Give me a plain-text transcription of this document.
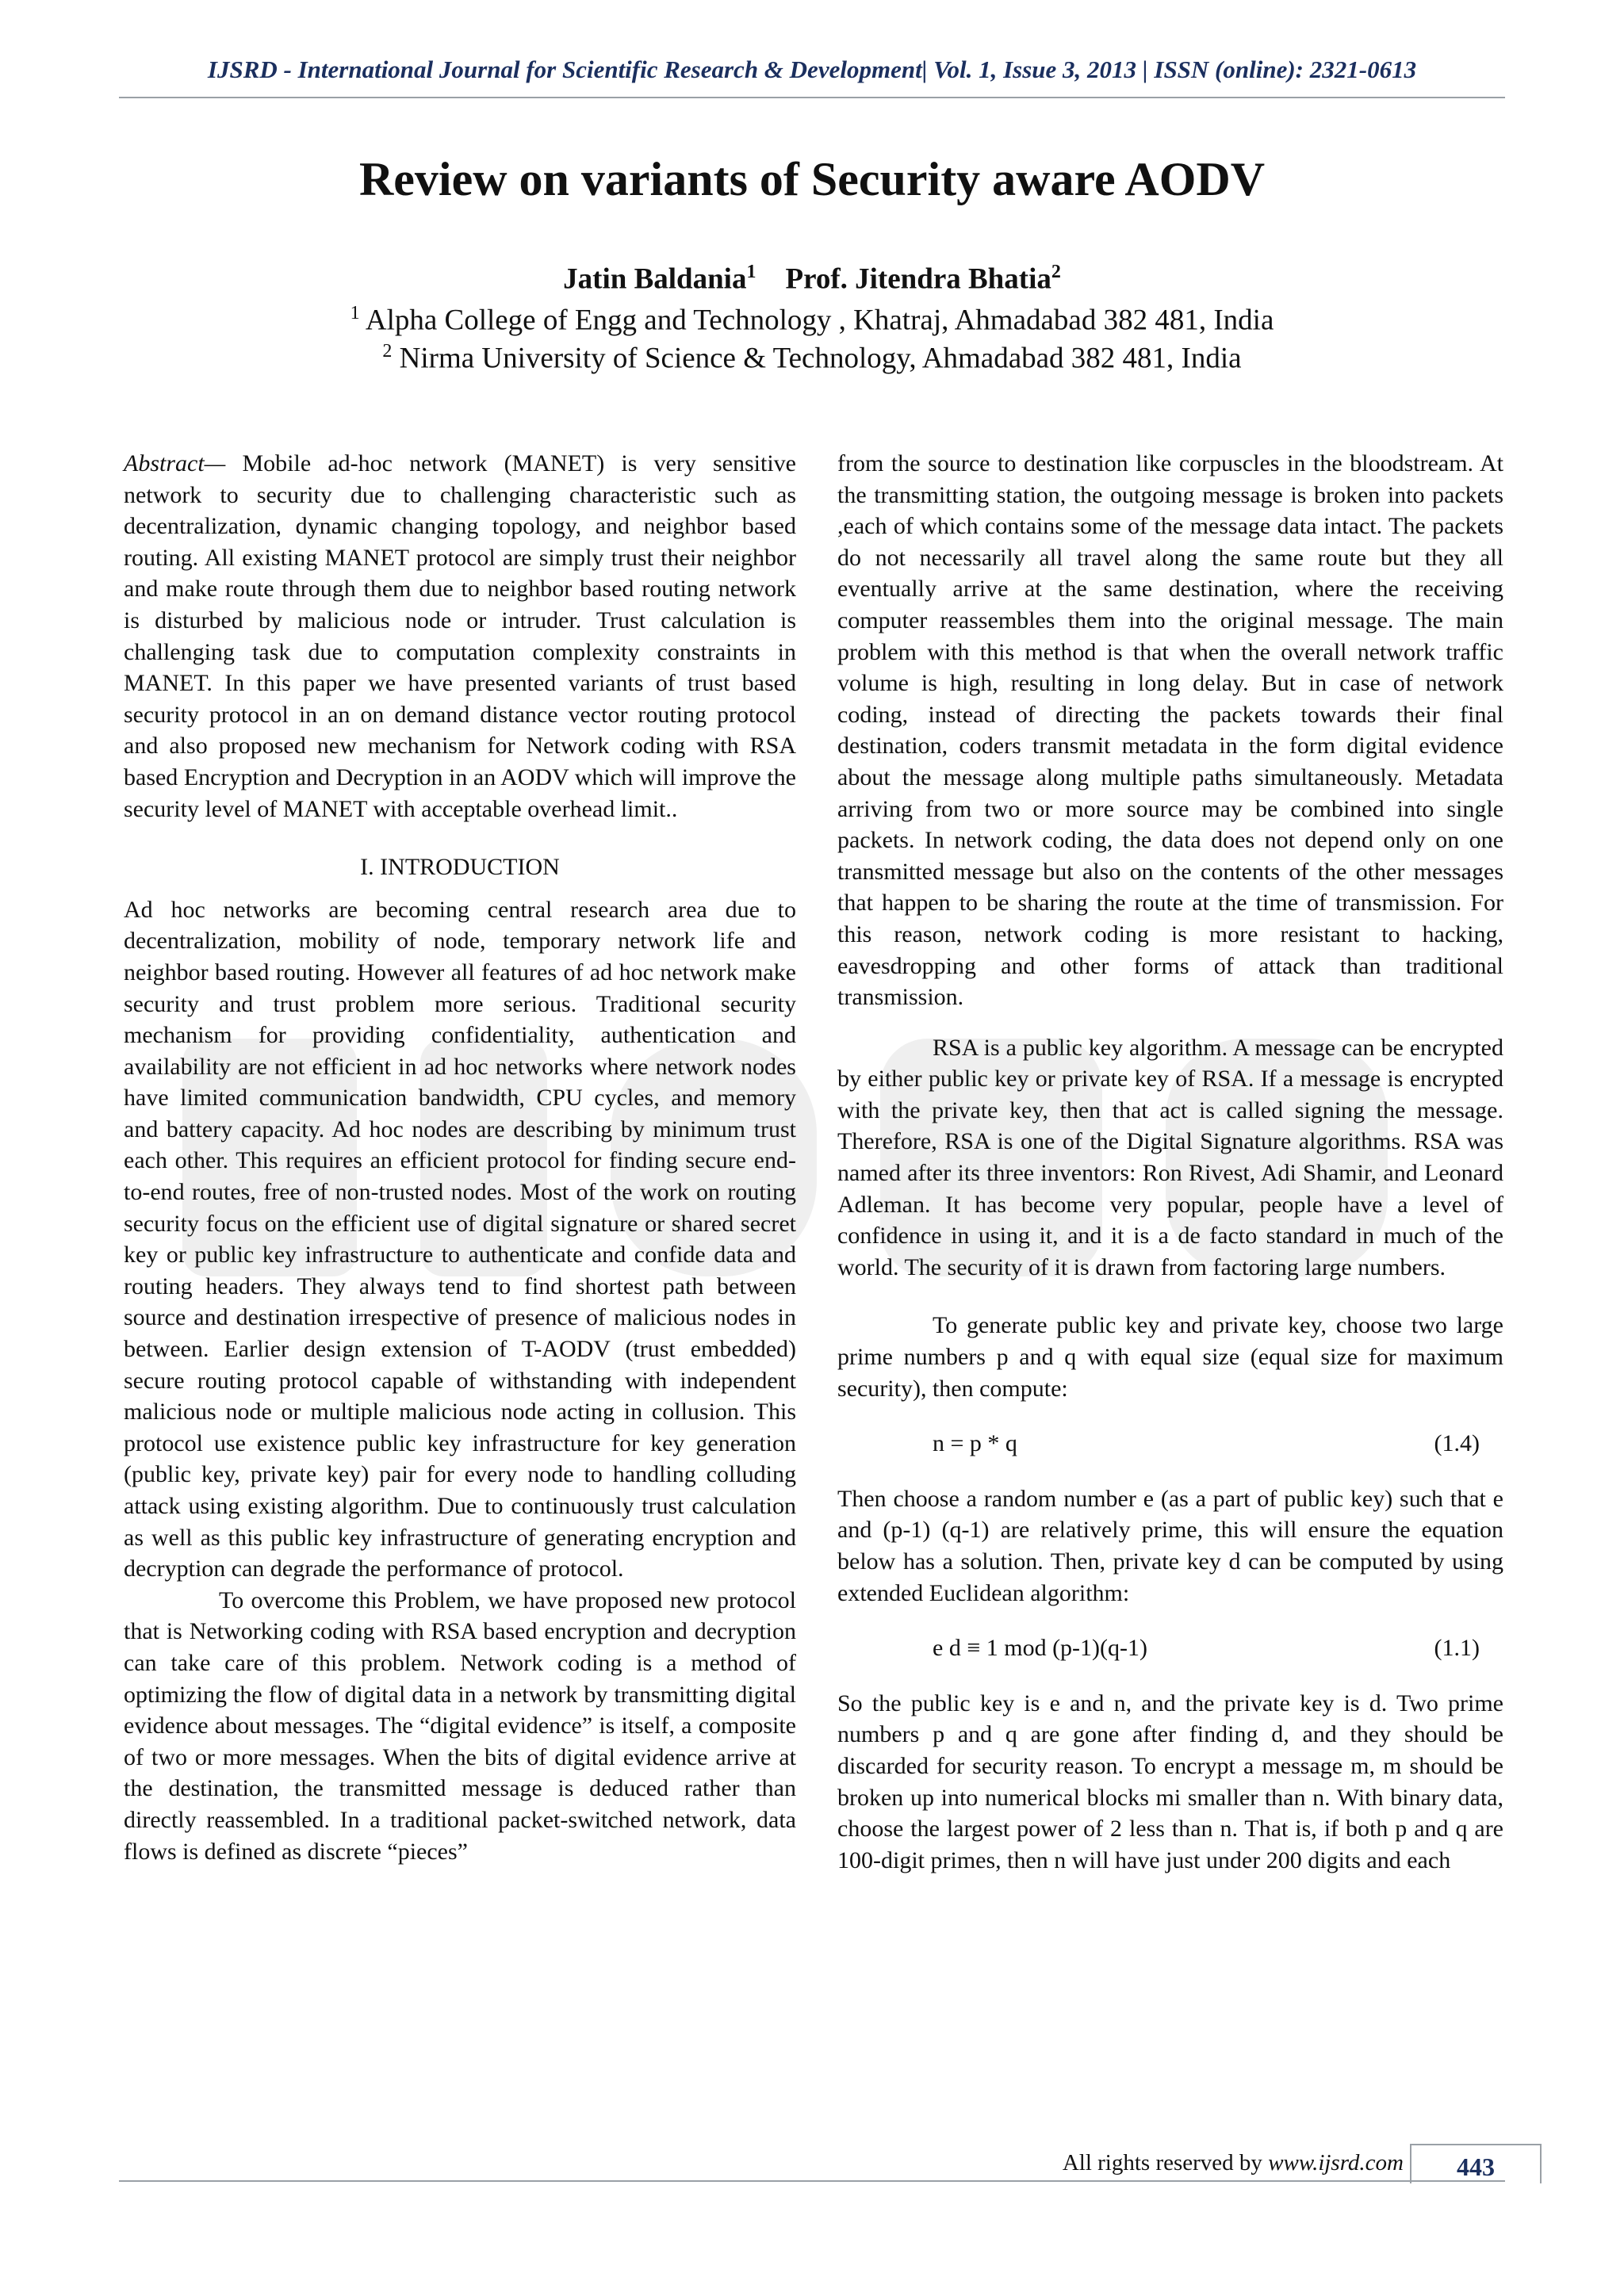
IJSRD - International Journal for Scientific Research & Development| Vol. 1, Issue 3, 2013 | ISSN (online): 2321-0613
Review on variants of Security aware AODV
Jatin Baldania$^1$ Prof. Jitendra Bhatia$^2$
$^1$ Alpha College of Engg and Technology , Khatraj, Ahmadabad 382 481, India
$^2$ Nirma University of Science & Technology, Ahmadabad 382 481, India

Abstract— Mobile ad-hoc network (MANET) is very sensitive network to security due to challenging characteristic such as decentralization, dynamic changing topology, and neighbor based routing. All existing MANET protocol are simply trust their neighbor and make route through them due to neighbor based routing network is disturbed by malicious node or intruder. Trust calculation is challenging task due to computation complexity constraints in MANET. In this paper we have presented variants of trust based security protocol in an on demand distance vector routing protocol and also proposed new mechanism for Network coding with RSA based Encryption and Decryption in an AODV which will improve the security level of MANET with acceptable overhead limit..

I. INTRODUCTION

Ad hoc networks are becoming central research area due to decentralization, mobility of node, temporary network life and neighbor based routing. However all features of ad hoc network make security and trust problem more serious. Traditional security mechanism for providing confidentiality, authentication and availability are not efficient in ad hoc networks where network nodes have limited communication bandwidth, CPU cycles, and memory and battery capacity. Ad hoc nodes are describing by minimum trust each other. This requires an efficient protocol for finding secure end-to-end routes, free of non-trusted nodes. Most of the work on routing security focus on the efficient use of digital signature or shared secret key or public key infrastructure to authenticate and confide data and routing headers. They always tend to find shortest path between source and destination irrespective of presence of malicious nodes in between. Earlier design extension of T-AODV (trust embedded) secure routing protocol capable of withstanding with independent malicious node or multiple malicious node acting in collusion. This protocol use existence public key infrastructure for key generation (public key, private key) pair for every node to handling colluding attack using existing algorithm. Due to continuously trust calculation as well as this public key infrastructure of generating encryption and decryption can degrade the performance of protocol.

To overcome this Problem, we have proposed new protocol that is Networking coding with RSA based encryption and decryption can take care of this problem. Network coding is a method of optimizing the flow of digital data in a network by transmitting digital evidence about messages. The “digital evidence” is itself, a composite of two or more messages. When the bits of digital evidence arrive at the destination, the transmitted message is deduced rather than directly reassembled. In a traditional packet-switched network, data flows is defined as discrete “pieces”

from the source to destination like corpuscles in the bloodstream. At the transmitting station, the outgoing message is broken into packets ,each of which contains some of the message data intact. The packets do not necessarily all travel along the same route but they all eventually arrive at the same destination, where the receiving computer reassembles them into the original message. The main problem with this method is that when the overall network traffic volume is high, resulting in long delay. But in case of network coding, instead of directing the packets towards their final destination, coders transmit metadata in the form digital evidence about the message along multiple paths simultaneously. Metadata arriving from two or more source may be combined into single packets. In network coding, the data does not depend only on one transmitted message but also on the contents of the other messages that happen to be sharing the route at the time of transmission. For this reason, network coding is more resistant to hacking, eavesdropping and other forms of attack than traditional transmission.

RSA is a public key algorithm. A message can be encrypted by either public key or private key of RSA. If a message is encrypted with the private key, then that act is called signing the message. Therefore, RSA is one of the Digital Signature algorithms. RSA was named after its three inventors: Ron Rivest, Adi Shamir, and Leonard Adleman. It has become very popular, people have a level of confidence in using it, and it is a de facto standard in much of the world. The security of it is drawn from factoring large numbers.

To generate public key and private key, choose two large prime numbers p and q with equal size (equal size for maximum security), then compute:

n = p * q	(1.4)

Then choose a random number e (as a part of public key) such that e and (p-1) (q-1) are relatively prime, this will ensure the equation below has a solution. Then, private key d can be computed by using extended Euclidean algorithm:

e d ≡ 1 mod (p-1)(q-1)	(1.1)

So the public key is e and n, and the private key is d. Two prime numbers p and q are gone after finding d, and they should be discarded for security reason. To encrypt a message m, m should be broken up into numerical blocks mi smaller than n. With binary data, choose the largest power of 2 less than n. That is, if both p and q are 100-digit primes, then n will have just under 200 digits and each

All rights reserved by www.ijsrd.com	443
